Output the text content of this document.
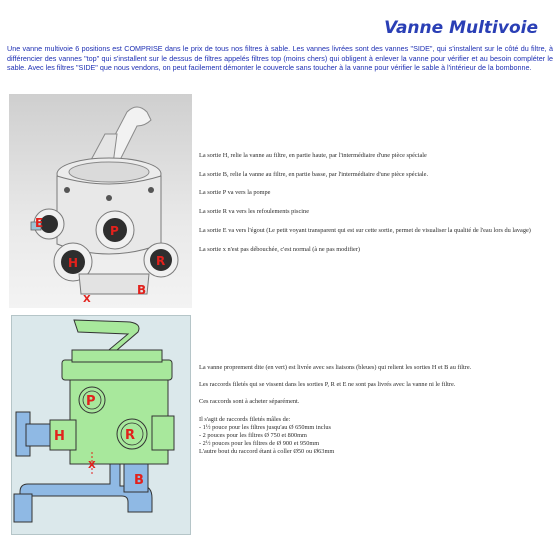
Vanne Multivoie
Une vanne multivoie 6 positions est COMPRISE dans le prix de tous nos filtres à sable. Les vannes livrées sont des vannes "SIDE", qui s'installent sur le côté du filtre, à différencier des vannes "top" qui s'installent sur le dessus de filtres appelés filtres top (moins chers) qui obligent à enlever la vanne pour vérifier et au besoin compléter le sable. Avec les filtres "SIDE" que nous vendons, on peut facilement démonter le couvercle sans toucher à la vanne pour vérifier le sable à l'intérieur de la bombonne.
E
P
H	R
B
X

La sortie H, relie la vanne au filtre, en partie haute, par l'intermédiaire d'une pièce spéciale

La sortie B, relie la vanne au filtre, en partie basse, par l'intermédiaire d'une pièce spéciale.

La sortie P va vers la pompe

La sortie R va vers les refoulements piscine

La sortie E va vers l'égout (Le petit voyant transparent qui est sur cette sortie, permet de visualiser la qualité de l'eau lors du lavage)

La sortie x n'est pas débouchée, c'est normal (à ne pas modifier)

P
H	R
X
B

La vanne proprement dite (en vert) est livrée avec ses liaisons (bleues) qui relient les sorties H et B au filtre.

Les raccords filetés qui se vissent dans les sorties P, R et E ne sont pas livrés avec la vanne ni le filtre.

Ces raccords sont à acheter séparément.

Il s'agit de raccords filetés mâles de:
- 1½ pouce pour les filtres jusqu'au Ø 650mm inclus
- 2 pouces pour les filtres Ø 750 et 800mm
- 2½ pouces pour les filtres de Ø 900 et 950mm
L'autre bout du raccord étant à coller Ø50 ou Ø63mm
